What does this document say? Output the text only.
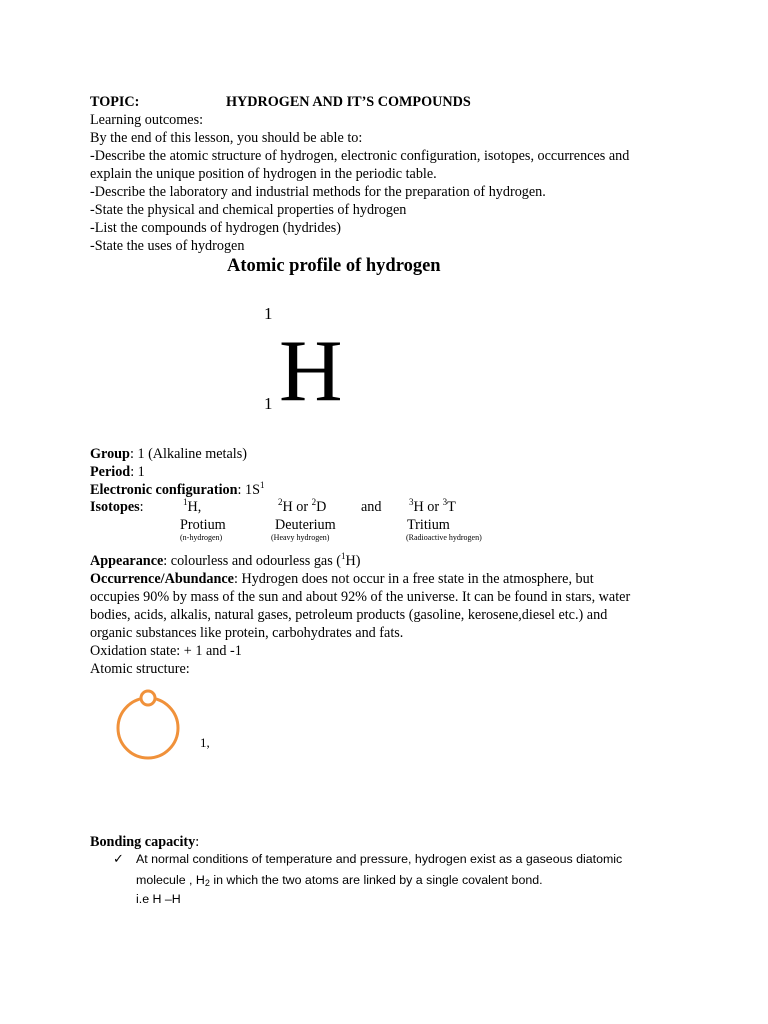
TOPIC:	HYDROGEN AND IT’S COMPOUNDS
Learning outcomes:
By the end of this lesson, you should be able to:
-Describe the atomic structure of hydrogen, electronic configuration, isotopes, occurrences and
explain the unique position of hydrogen in the periodic table.
-Describe the laboratory and industrial methods for the preparation of hydrogen.
-State the physical and chemical properties of hydrogen
-List the compounds of hydrogen (hydrides)
-State the uses of hydrogen
Atomic profile of hydrogen
1
1 H
Group: 1 (Alkaline metals)
Period: 1
Electronic configuration: $1S^1$
Isotopes:	$^1$H,	$^2$H or $^2$D and	$^3$H or $^3$T
Protium	Deuterium	Tritium
(n-hydrogen)	(Heavy hydrogen)	(Radioactive hydrogen)
Appearance: colourless and odourless gas ($^1$H)
Occurrence/Abundance: Hydrogen does not occur in a free state in the atmosphere, but
occupies 90% by mass of the sun and about 92% of the universe. It can be found in stars, water
bodies, acids, alkalis, natural gases, petroleum products (gasoline, kerosene,diesel etc.) and
organic substances like protein, carbohydrates and fats.
Oxidation state: + 1 and -1
Atomic structure:
1,
Bonding capacity:
✓ At normal conditions of temperature and pressure, hydrogen exist as a gaseous diatomic
molecule , $H_2$ in which the two atoms are linked by a single covalent bond.
i.e H –H
